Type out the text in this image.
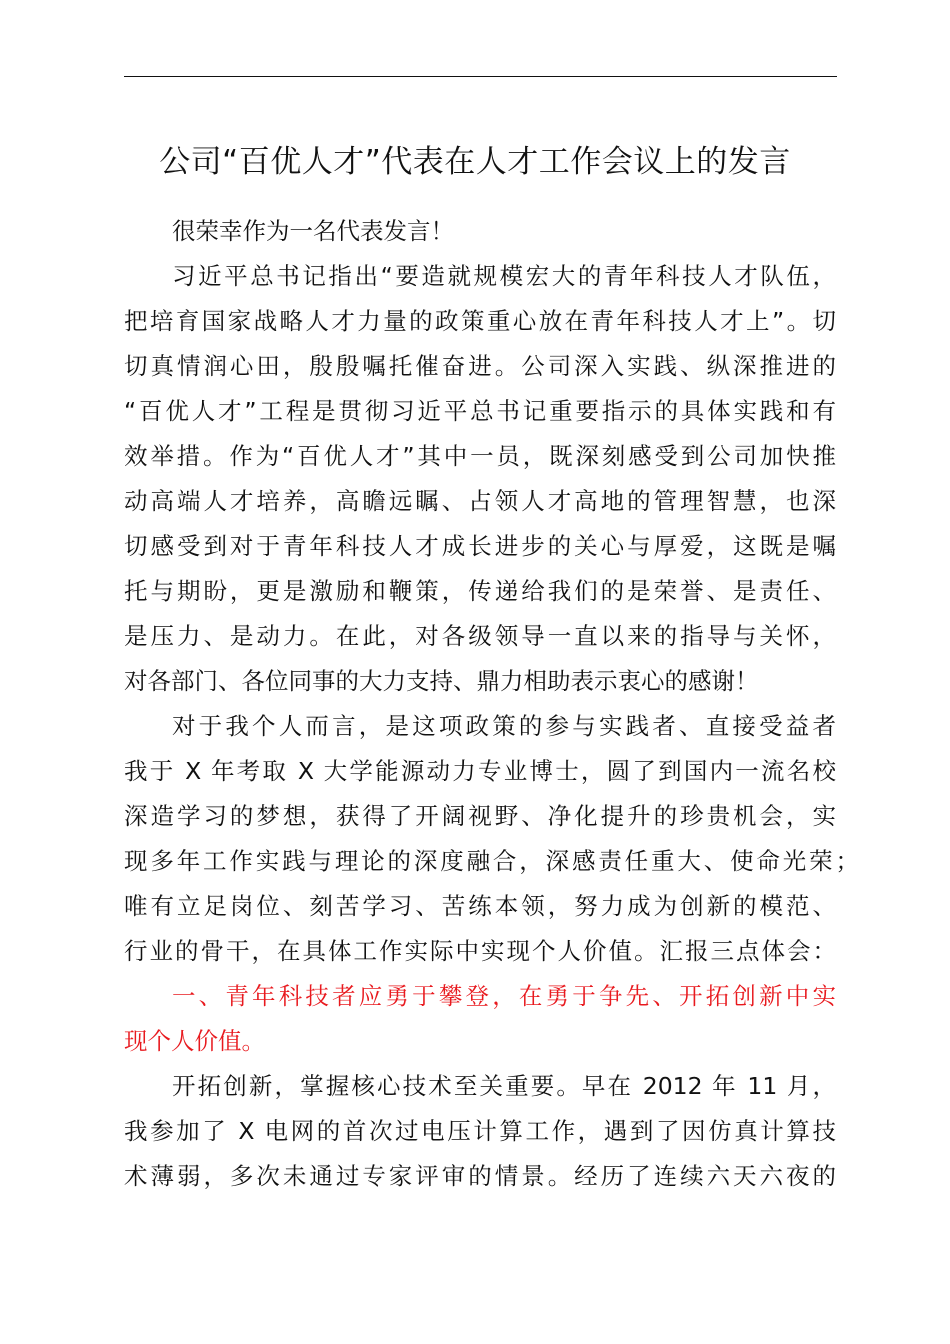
公司“百优人才”代表在人才工作会议上的发言
很荣幸作为一名代表发言！
习近平总书记指出“要造就规模宏大的青年科技人才队伍，
把培育国家战略人才力量的政策重心放在青年科技人才上”。切
切真情润心田，殷殷嘱托催奋进。公司深入实践、纵深推进的
“百优人才”工程是贯彻习近平总书记重要指示的具体实践和有
效举措。作为“百优人才”其中一员，既深刻感受到公司加快推
动高端人才培养，高瞻远瞩、占领人才高地的管理智慧，也深
切感受到对于青年科技人才成长进步的关心与厚爱，这既是嘱
托与期盼，更是激励和鞭策，传递给我们的是荣誉、是责任、
是压力、是动力。在此，对各级领导一直以来的指导与关怀，
对各部门、各位同事的大力支持、鼎力相助表示衷心的感谢！
对于我个人而言，是这项政策的参与实践者、直接受益者
我于 X 年考取 X 大学能源动力专业博士，圆了到国内一流名校
深造学习的梦想，获得了开阔视野、净化提升的珍贵机会，实
现多年工作实践与理论的深度融合，深感责任重大、使命光荣；
唯有立足岗位、刻苦学习、苦练本领，努力成为创新的模范、
行业的骨干，在具体工作实际中实现个人价值。汇报三点体会：
一、青年科技者应勇于攀登，在勇于争先、开拓创新中实
现个人价值。
开拓创新，掌握核心技术至关重要。早在 2012 年 11 月，
我参加了 X 电网的首次过电压计算工作，遇到了因仿真计算技
术薄弱，多次未通过专家评审的情景。经历了连续六天六夜的
